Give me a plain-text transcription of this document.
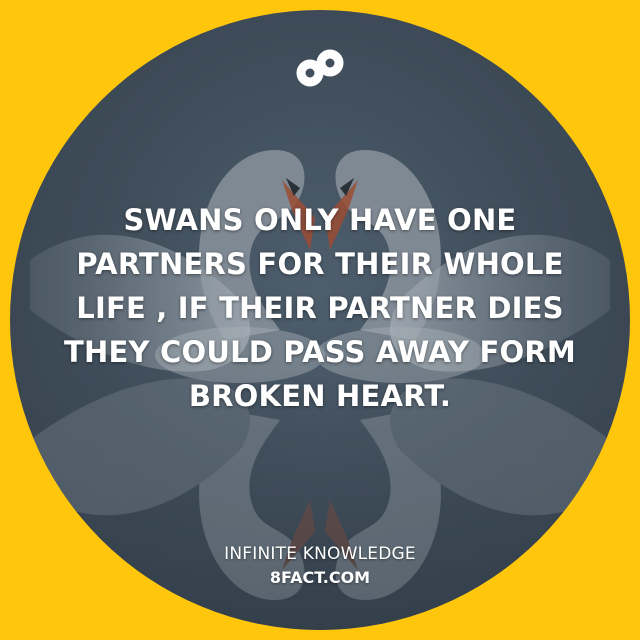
SWANS ONLY HAVE ONE
PARTNERS FOR THEIR WHOLE
LIFE , IF THEIR PARTNER DIES
THEY COULD PASS AWAY FORM
BROKEN HEART.
INFINITE KNOWLEDGE
8FACT.COM
